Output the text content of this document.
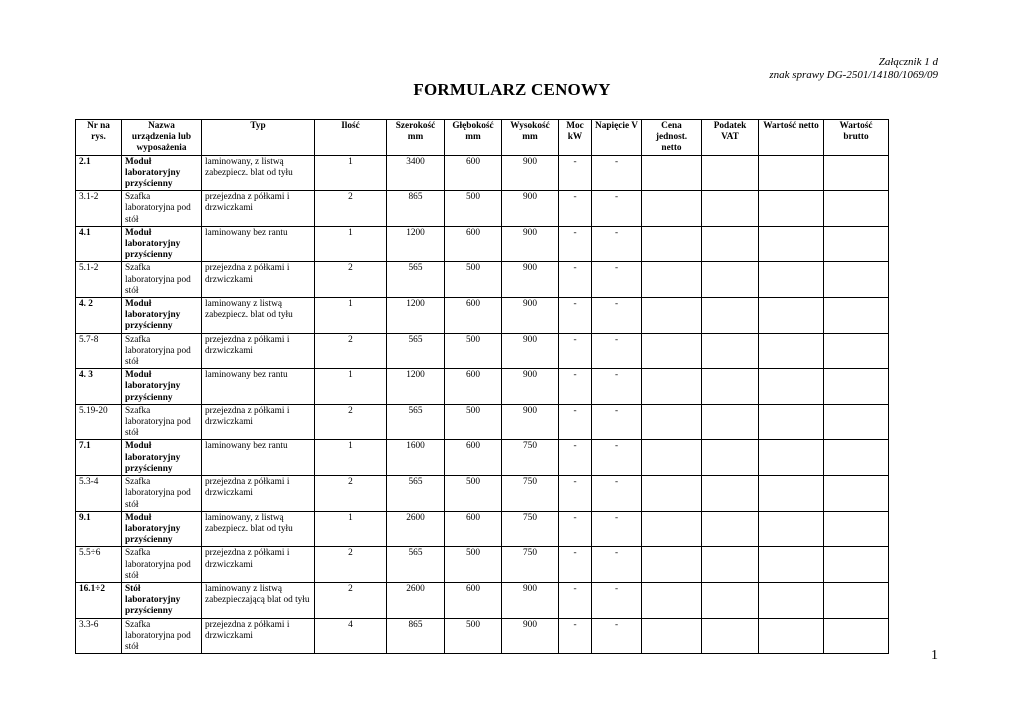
Załącznik 1 d
znak sprawy DG-2501/14180/1069/09
FORMULARZ CENOWY
Nr na rys.	Nazwa urządzenia lub wyposażenia	Typ	Ilość	Szerokość mm	Głębokość mm	Wysokość mm	Moc kW	Napięcie V	Cena jednost. netto	Podatek VAT	Wartość netto	Wartość brutto
2.1	Moduł laboratoryjny przyścienny	laminowany, z listwą zabezpiecz. blat od tyłu	1	3400	600	900	-	-				
3.1-2	Szafka laboratoryjna pod stół	przejezdna z półkami i drzwiczkami	2	865	500	900	-	-				
4.1	Moduł laboratoryjny przyścienny	laminowany bez rantu	1	1200	600	900	-	-				
5.1-2	Szafka laboratoryjna pod stół	przejezdna z półkami i drzwiczkami	2	565	500	900	-	-				
4. 2	Moduł laboratoryjny przyścienny	laminowany z listwą zabezpiecz. blat od tyłu	1	1200	600	900	-	-				
5.7-8	Szafka laboratoryjna pod stół	przejezdna z półkami i drzwiczkami	2	565	500	900	-	-				
4. 3	Moduł laboratoryjny przyścienny	laminowany bez rantu	1	1200	600	900	-	-				
5.19-20	Szafka laboratoryjna pod stół	przejezdna z półkami i drzwiczkami	2	565	500	900	-	-				
7.1	Moduł laboratoryjny przyścienny	laminowany bez rantu	1	1600	600	750	-	-				
5.3-4	Szafka laboratoryjna pod stół	przejezdna z półkami i drzwiczkami	2	565	500	750	-	-				
9.1	Moduł laboratoryjny przyścienny	laminowany, z listwą zabezpiecz. blat od tyłu	1	2600	600	750	-	-				
5.5÷6	Szafka laboratoryjna pod stół	przejezdna z półkami i drzwiczkami	2	565	500	750	-	-				
16.1÷2	Stół laboratoryjny przyścienny	laminowany z listwą zabezpieczającą blat od tyłu	2	2600	600	900	-	-				
3.3-6	Szafka laboratoryjna pod stół	przejezdna z półkami i drzwiczkami	4	865	500	900	-	-				
1
